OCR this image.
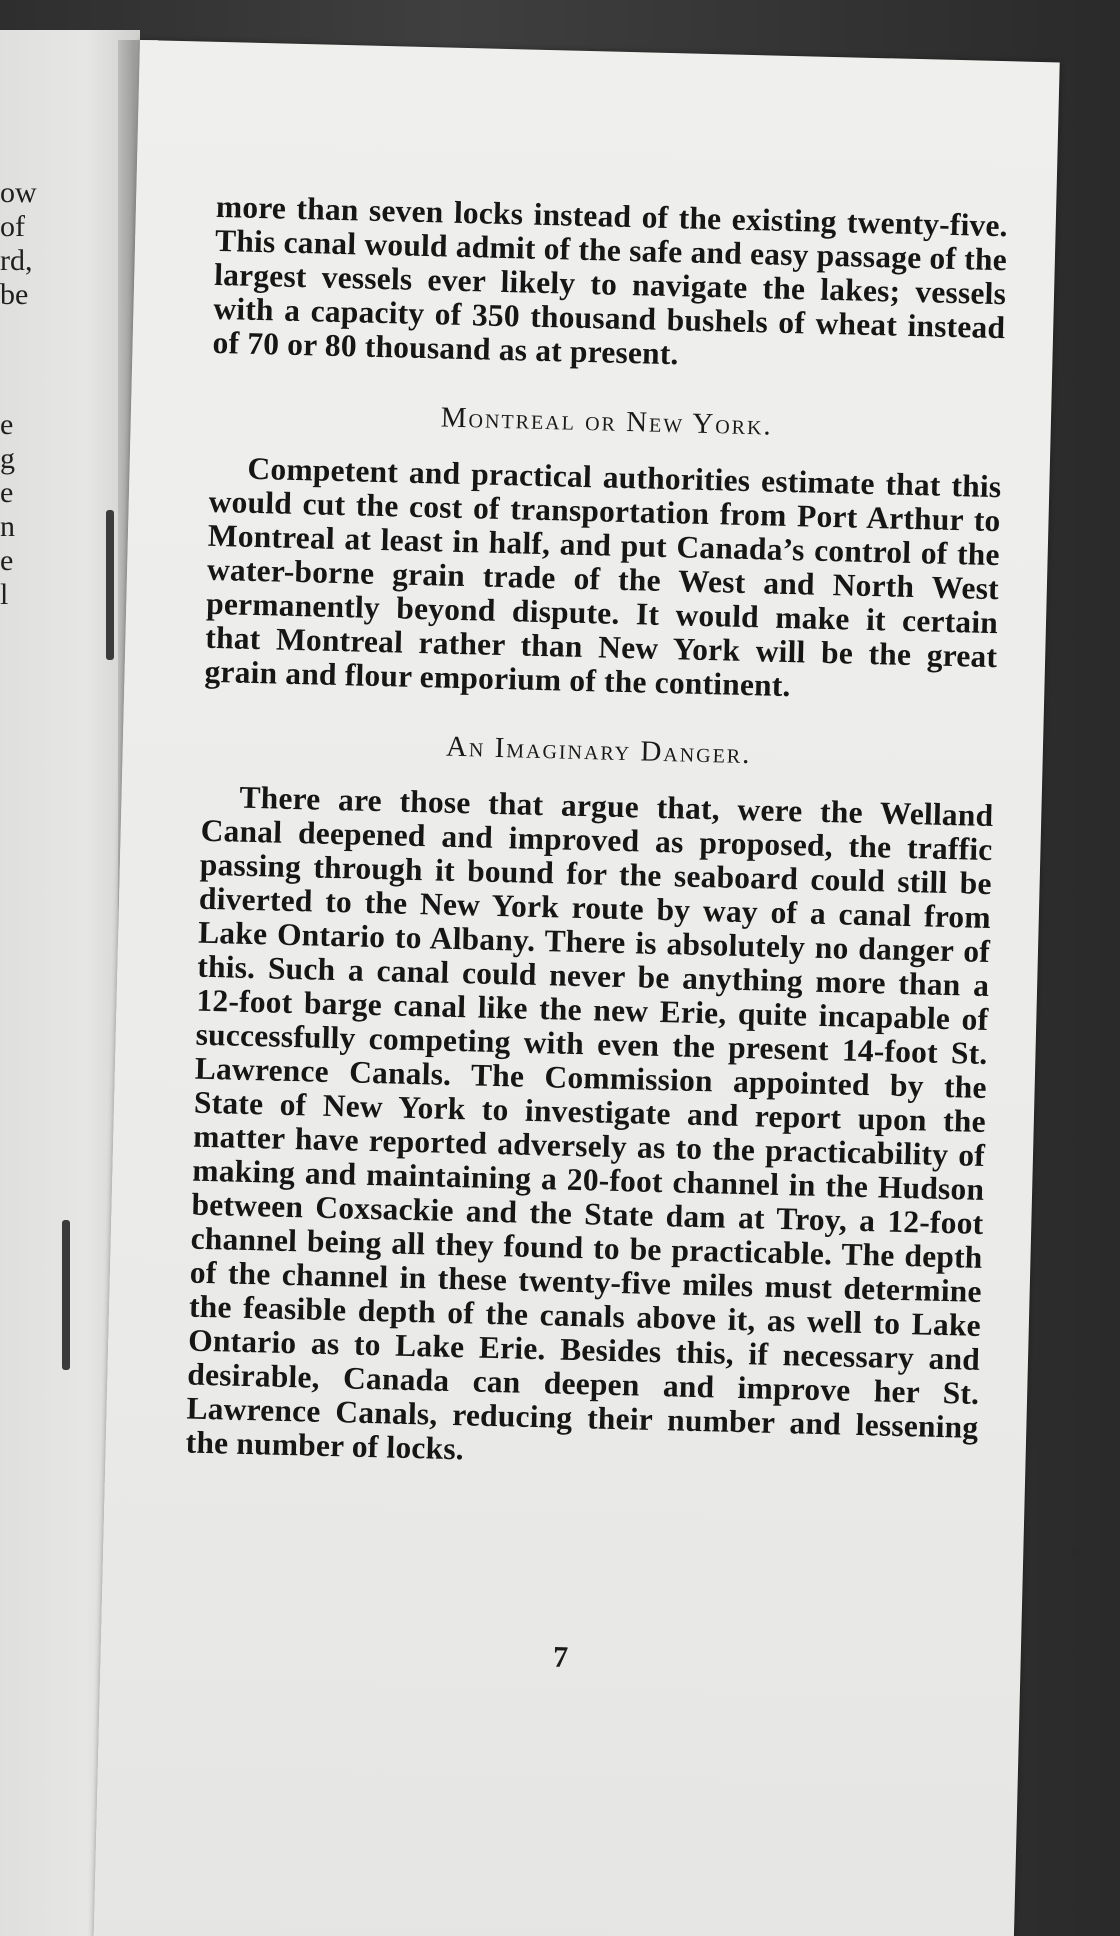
ow
of
rd,
be
e
g
e
n
e
l

more than seven locks instead of the existing twenty-five. This canal would admit of the safe and easy passage of the largest vessels ever likely to navigate the lakes; vessels with a capacity of 350 thousand bushels of wheat instead of 70 or 80 thousand as at present.

Montreal or New York.

Competent and practical authorities estimate that this would cut the cost of transportation from Port Arthur to Montreal at least in half, and put Canada’s control of the water-borne grain trade of the West and North West permanently beyond dispute. It would make it certain that Montreal rather than New York will be the great grain and flour emporium of the continent.

An Imaginary Danger.

There are those that argue that, were the Welland Canal deepened and improved as proposed, the traffic passing through it bound for the seaboard could still be diverted to the New York route by way of a canal from Lake Ontario to Albany. There is absolutely no danger of this. Such a canal could never be anything more than a 12-foot barge canal like the new Erie, quite incapable of successfully competing with even the present 14-foot St. Lawrence Canals. The Commission appointed by the State of New York to investigate and report upon the matter have reported adversely as to the practicability of making and maintaining a 20-foot channel in the Hudson between Coxsackie and the State dam at Troy, a 12-foot channel being all they found to be practicable. The depth of the channel in these twenty-five miles must determine the feasible depth of the canals above it, as well to Lake Ontario as to Lake Erie. Besides this, if necessary and desirable, Canada can deepen and improve her St. Lawrence Canals, reducing their number and lessening the number of locks.

7
